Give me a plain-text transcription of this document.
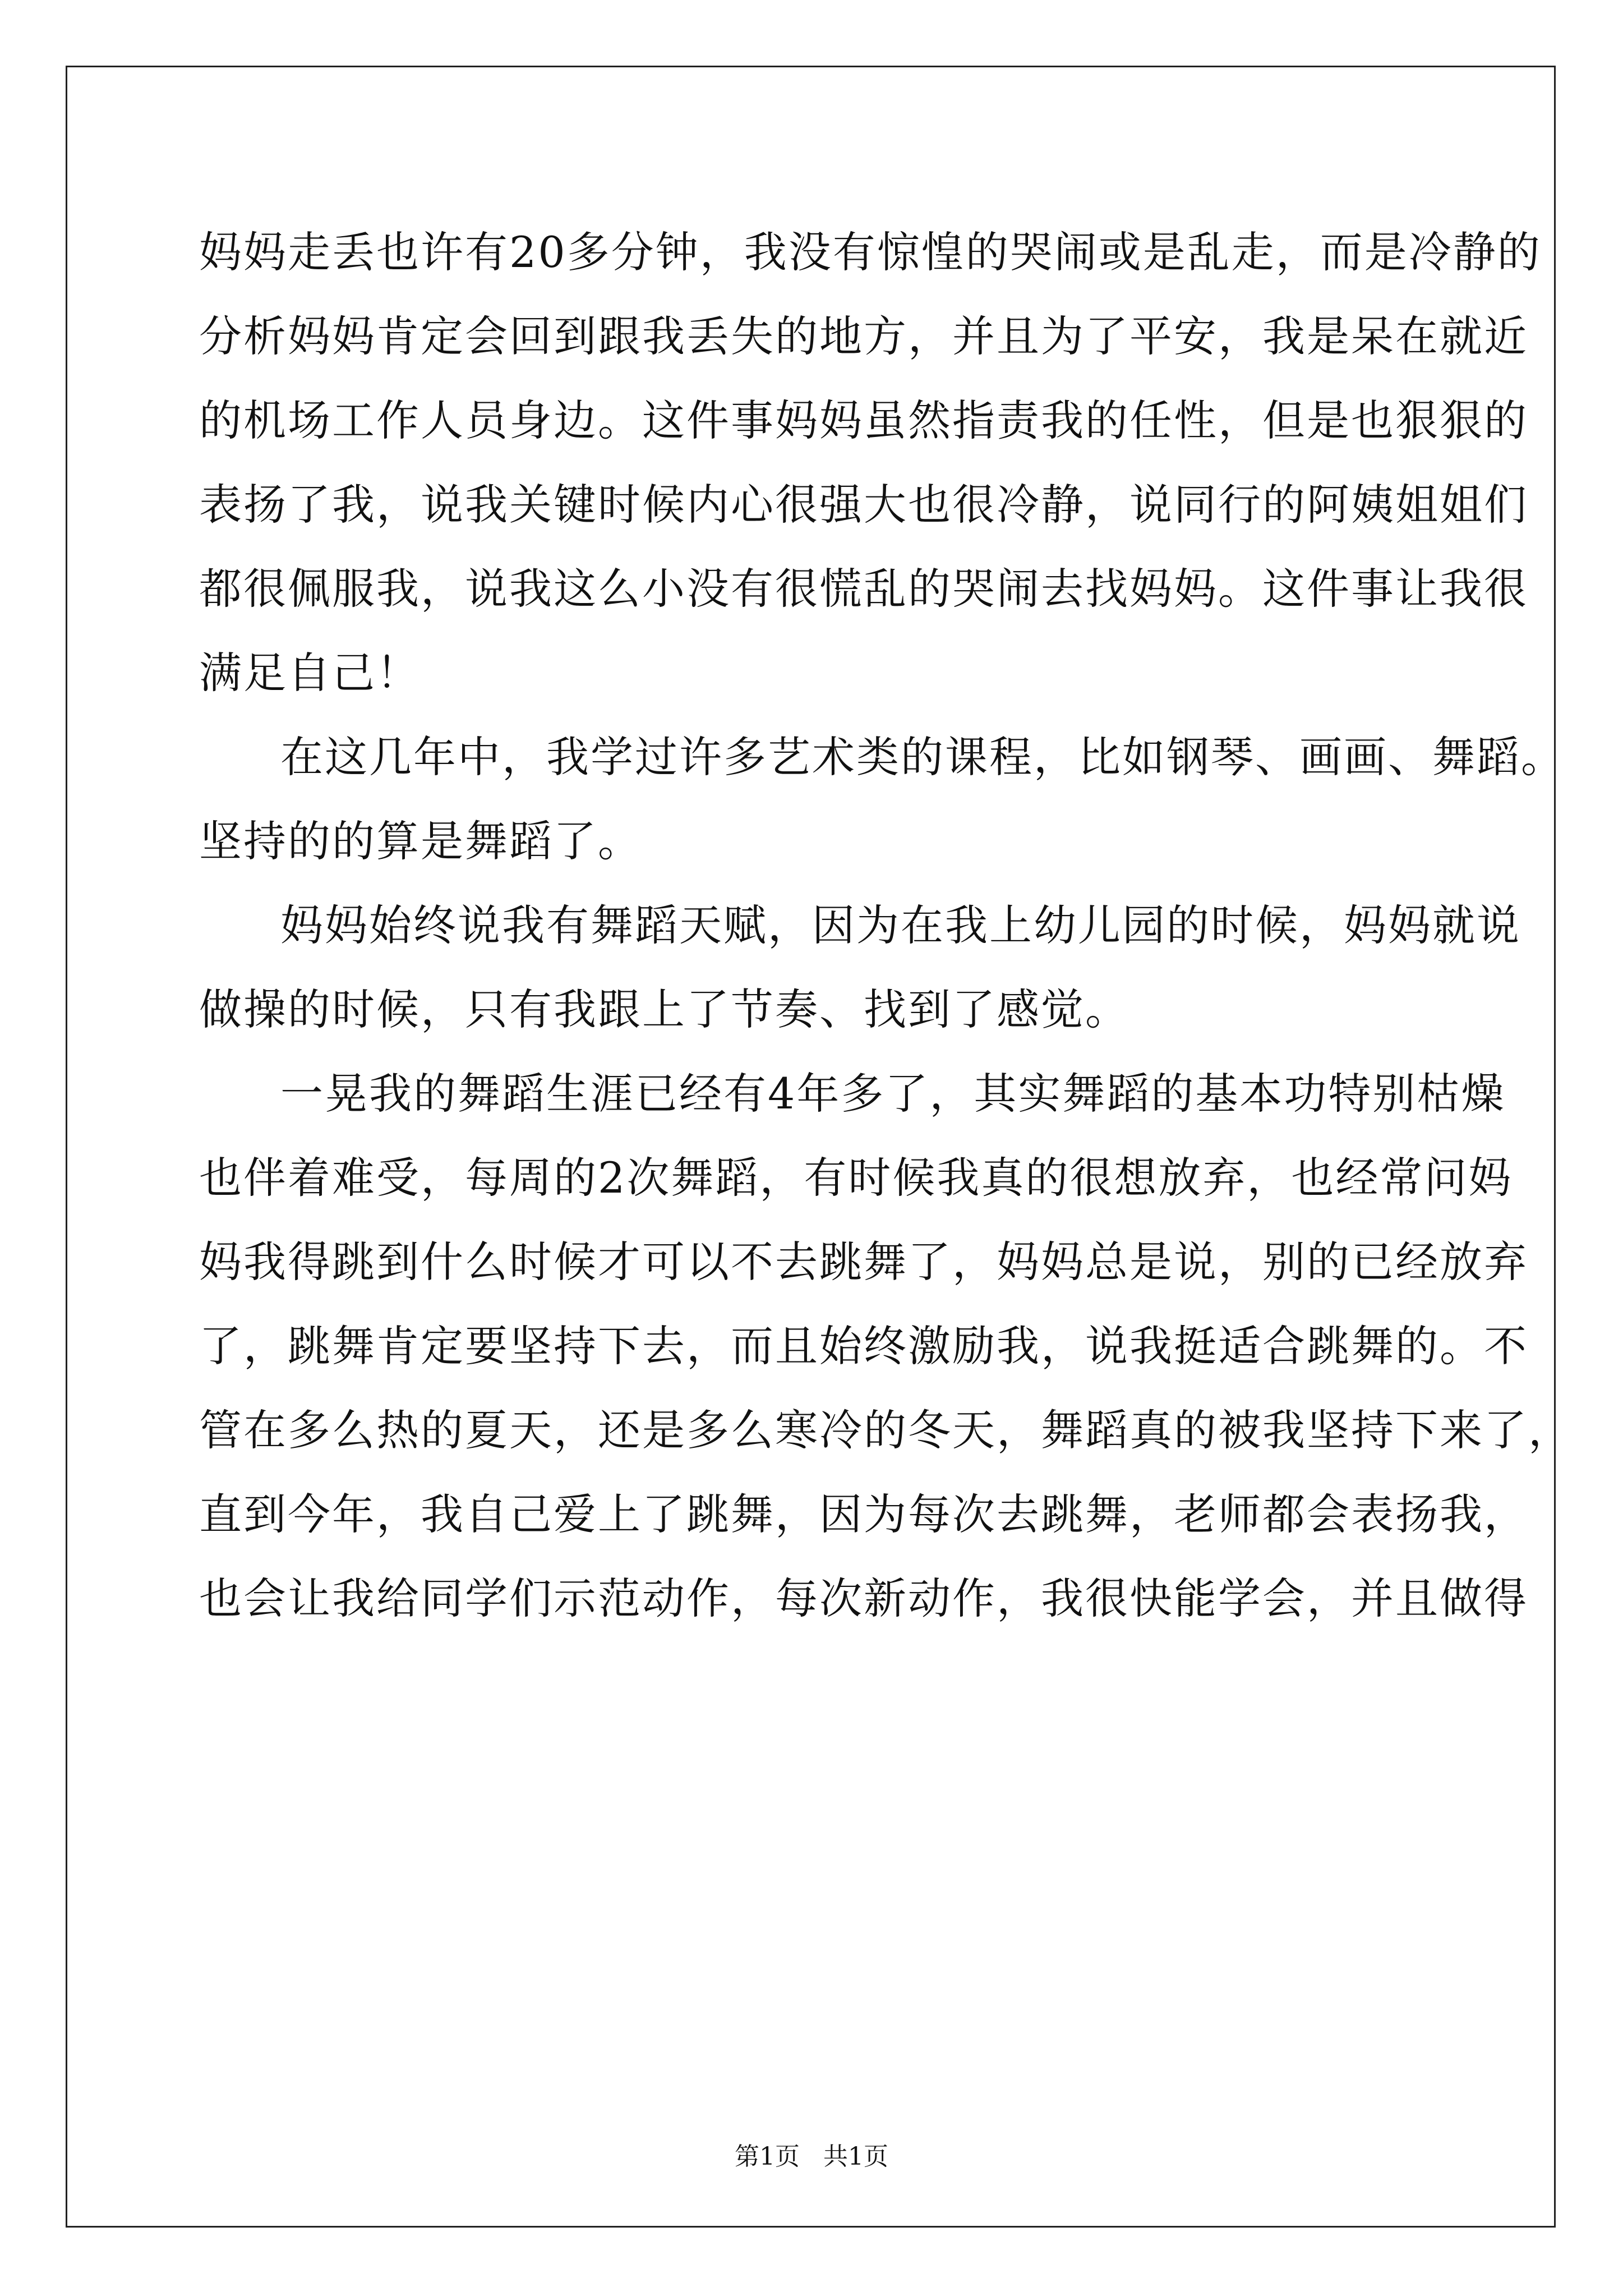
妈妈走丢也许有20多分钟，我没有惊惶的哭闹或是乱走，而是冷静的
分析妈妈肯定会回到跟我丢失的地方，并且为了平安，我是呆在就近
的机场工作人员身边。这件事妈妈虽然指责我的任性，但是也狠狠的
表扬了我，说我关键时候内心很强大也很冷静，说同行的阿姨姐姐们
都很佩服我，说我这么小没有很慌乱的哭闹去找妈妈。这件事让我很
满足自己！
在这几年中，我学过许多艺术类的课程，比如钢琴、画画、舞蹈。
坚持的的算是舞蹈了。
妈妈始终说我有舞蹈天赋，因为在我上幼儿园的时候，妈妈就说
做操的时候，只有我跟上了节奏、找到了感觉。
一晃我的舞蹈生涯已经有4年多了，其实舞蹈的基本功特别枯燥
也伴着难受，每周的2次舞蹈，有时候我真的很想放弃，也经常问妈
妈我得跳到什么时候才可以不去跳舞了，妈妈总是说，别的已经放弃
了，跳舞肯定要坚持下去，而且始终激励我，说我挺适合跳舞的。不
管在多么热的夏天，还是多么寒冷的冬天，舞蹈真的被我坚持下来了，
直到今年，我自己爱上了跳舞，因为每次去跳舞，老师都会表扬我，
也会让我给同学们示范动作，每次新动作，我很快能学会，并且做得
第1页   共1页
